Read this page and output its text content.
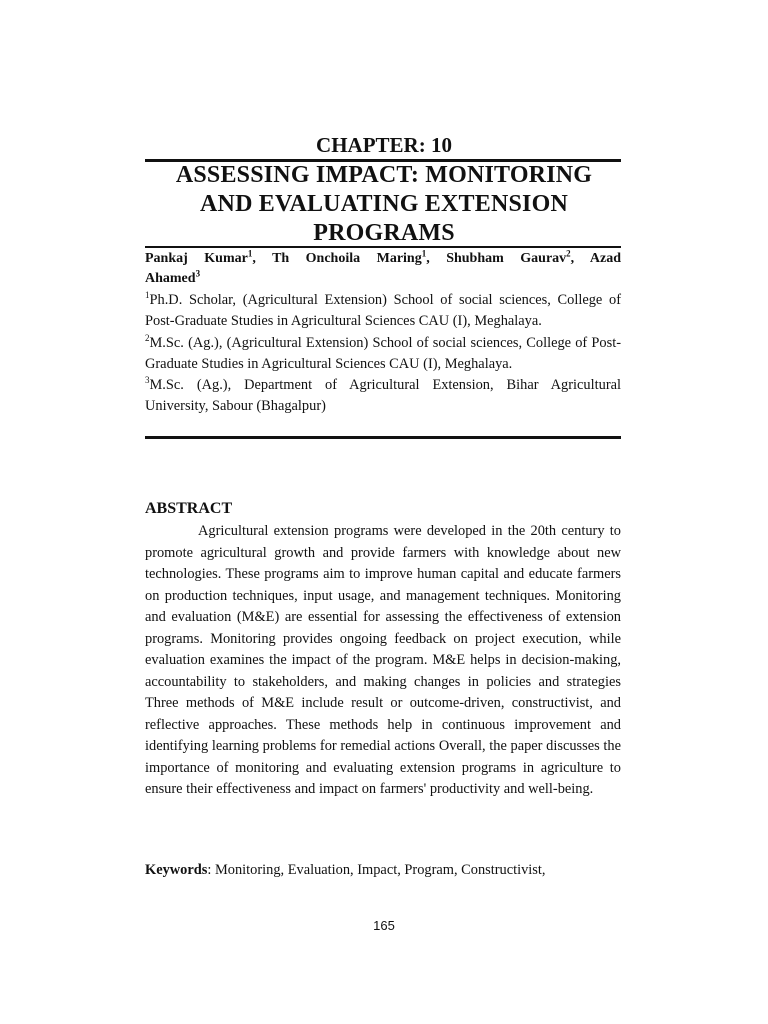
CHAPTER: 10
ASSESSING IMPACT: MONITORING
AND EVALUATING EXTENSION
PROGRAMS
Pankaj Kumar$^1$, Th Onchoila Maring$^1$, Shubham Gaurav$^2$, Azad
Ahamed$^3$
$^1$Ph.D. Scholar, (Agricultural Extension) School of social sciences, College of Post-Graduate Studies in Agricultural Sciences CAU (I), Meghalaya.
$^2$M.Sc. (Ag.), (Agricultural Extension) School of social sciences, College of Post-Graduate Studies in Agricultural Sciences CAU (I), Meghalaya.
$^3$M.Sc. (Ag.), Department of Agricultural Extension, Bihar Agricultural University, Sabour (Bhagalpur)
ABSTRACT

Agricultural extension programs were developed in the 20th century to promote agricultural growth and provide farmers with knowledge about new technologies. These programs aim to improve human capital and educate farmers on production techniques, input usage, and management techniques. Monitoring and evaluation (M&E) are essential for assessing the effectiveness of extension programs. Monitoring provides ongoing feedback on project execution, while evaluation examines the impact of the program. M&E helps in decision-making, accountability to stakeholders, and making changes in policies and strategies Three methods of M&E include result or outcome-driven, constructivist, and reflective approaches. These methods help in continuous improvement and identifying learning problems for remedial actions Overall, the paper discusses the importance of monitoring and evaluating extension programs in agriculture to ensure their effectiveness and impact on farmers' productivity and well-being.

Keywords: Monitoring, Evaluation, Impact, Program, Constructivist,
165
